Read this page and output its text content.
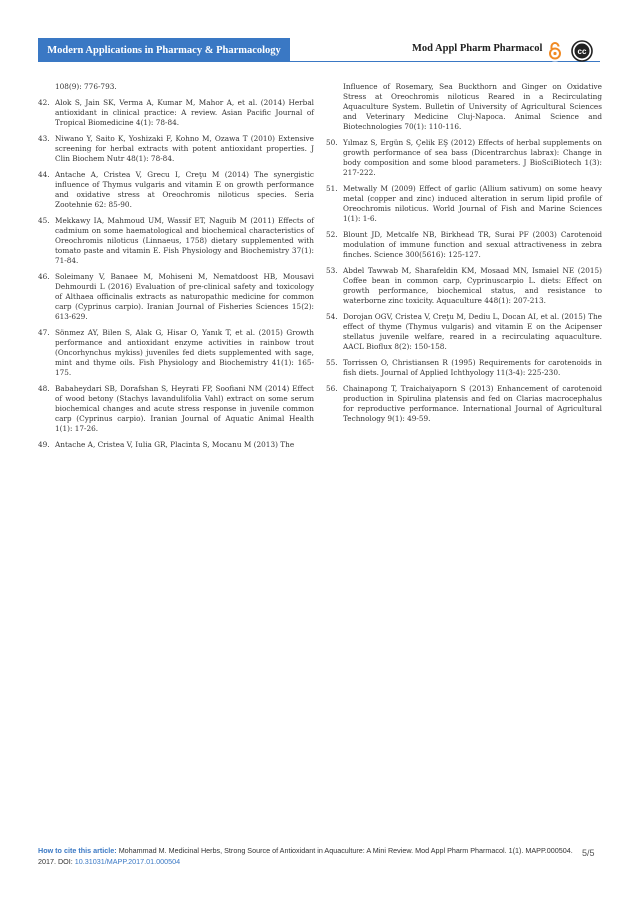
Modern Applications in Pharmacy & Pharmacology	Mod Appl Pharm Pharmacol	cc
108(9): 776-793.
42. Alok S, Jain SK, Verma A, Kumar M, Mahor A, et al. (2014) Herbal antioxidant in clinical practice: A review. Asian Pacific Journal of Tropical Biomedicine 4(1): 78-84.
43. Niwano Y, Saito K, Yoshizaki F, Kohno M, Ozawa T (2010) Extensive screening for herbal extracts with potent antioxidant properties. J Clin Biochem Nutr 48(1): 78-84.
44. Antache A, Cristea V, Grecu I, Creţu M (2014) The synergistic influence of Thymus vulgaris and vitamin E on growth performance and oxidative stress at Oreochromis niloticus species. Seria Zootehnie 62: 85-90.
45. Mekkawy IA, Mahmoud UM, Wassif ET, Naguib M (2011) Effects of cadmium on some haematological and biochemical characteristics of Oreochromis niloticus (Linnaeus, 1758) dietary supplemented with tomato paste and vitamin E. Fish Physiology and Biochemistry 37(1): 71-84.
46. Soleimany V, Banaee M, Mohiseni M, Nematdoost HB, Mousavi Dehmourdi L (2016) Evaluation of pre-clinical safety and toxicology of Althaea officinalis extracts as naturopathic medicine for common carp (Cyprinus carpio). Iranian Journal of Fisheries Sciences 15(2): 613-629.
47. Sönmez AY, Bilen S, Alak G, Hisar O, Yanık T, et al. (2015) Growth performance and antioxidant enzyme activities in rainbow trout (Oncorhynchus mykiss) juveniles fed diets supplemented with sage, mint and thyme oils. Fish Physiology and Biochemistry 41(1): 165-175.
48. Babaheydari SB, Dorafshan S, Heyrati FP, Soofiani NM (2014) Effect of wood betony (Stachys lavandulifolia Vahl) extract on some serum biochemical changes and acute stress response in juvenile common carp (Cyprinus carpio). Iranian Journal of Aquatic Animal Health 1(1): 17-26.
49. Antache A, Cristea V, Iulia GR, Placinta S, Mocanu M (2013) The
Influence of Rosemary, Sea Buckthorn and Ginger on Oxidative Stress at Oreochromis niloticus Reared in a Recirculating Aquaculture System. Bulletin of University of Agricultural Sciences and Veterinary Medicine Cluj-Napoca. Animal Science and Biotechnologies 70(1): 110-116.
50. Yılmaz S, Ergün S, Çelik EŞ (2012) Effects of herbal supplements on growth performance of sea bass (Dicentrarchus labrax): Change in body composition and some blood parameters. J BioSciBiotech 1(3): 217-222.
51. Metwally M (2009) Effect of garlic (Allium sativum) on some heavy metal (copper and zinc) induced alteration in serum lipid profile of Oreochromis niloticus. World Journal of Fish and Marine Sciences 1(1): 1-6.
52. Blount JD, Metcalfe NB, Birkhead TR, Surai PF (2003) Carotenoid modulation of immune function and sexual attractiveness in zebra finches. Science 300(5616): 125-127.
53. Abdel Tawwab M, Sharafeldin KM, Mosaad MN, Ismaiel NE (2015) Coffee bean in common carp, Cyprinuscarpio L. diets: Effect on growth performance, biochemical status, and resistance to waterborne zinc toxicity. Aquaculture 448(1): 207-213.
54. Dorojan OGV, Cristea V, Creţu M, Dediu L, Docan AI, et al. (2015) The effect of thyme (Thymus vulgaris) and vitamin E on the Acipenser stellatus juvenile welfare, reared in a recirculating aquaculture. AACL Bioflux 8(2): 150-158.
55. Torrissen O, Christiansen R (1995) Requirements for carotenoids in fish diets. Journal of Applied Ichthyology 11(3-4): 225-230.
56. Chainapong T, Traichaiyaporn S (2013) Enhancement of carotenoid production in Spirulina platensis and fed on Clarias macrocephalus for reproductive performance. International Journal of Agricultural Technology 9(1): 49-59.
How to cite this article: Mohammad M. Medicinal Herbs, Strong Source of Antioxidant in Aquaculture: A Mini Review. Mod Appl Pharm Pharmacol. 1(1). MAPP.000504. 2017. DOI: 10.31031/MAPP.2017.01.000504
5/5
